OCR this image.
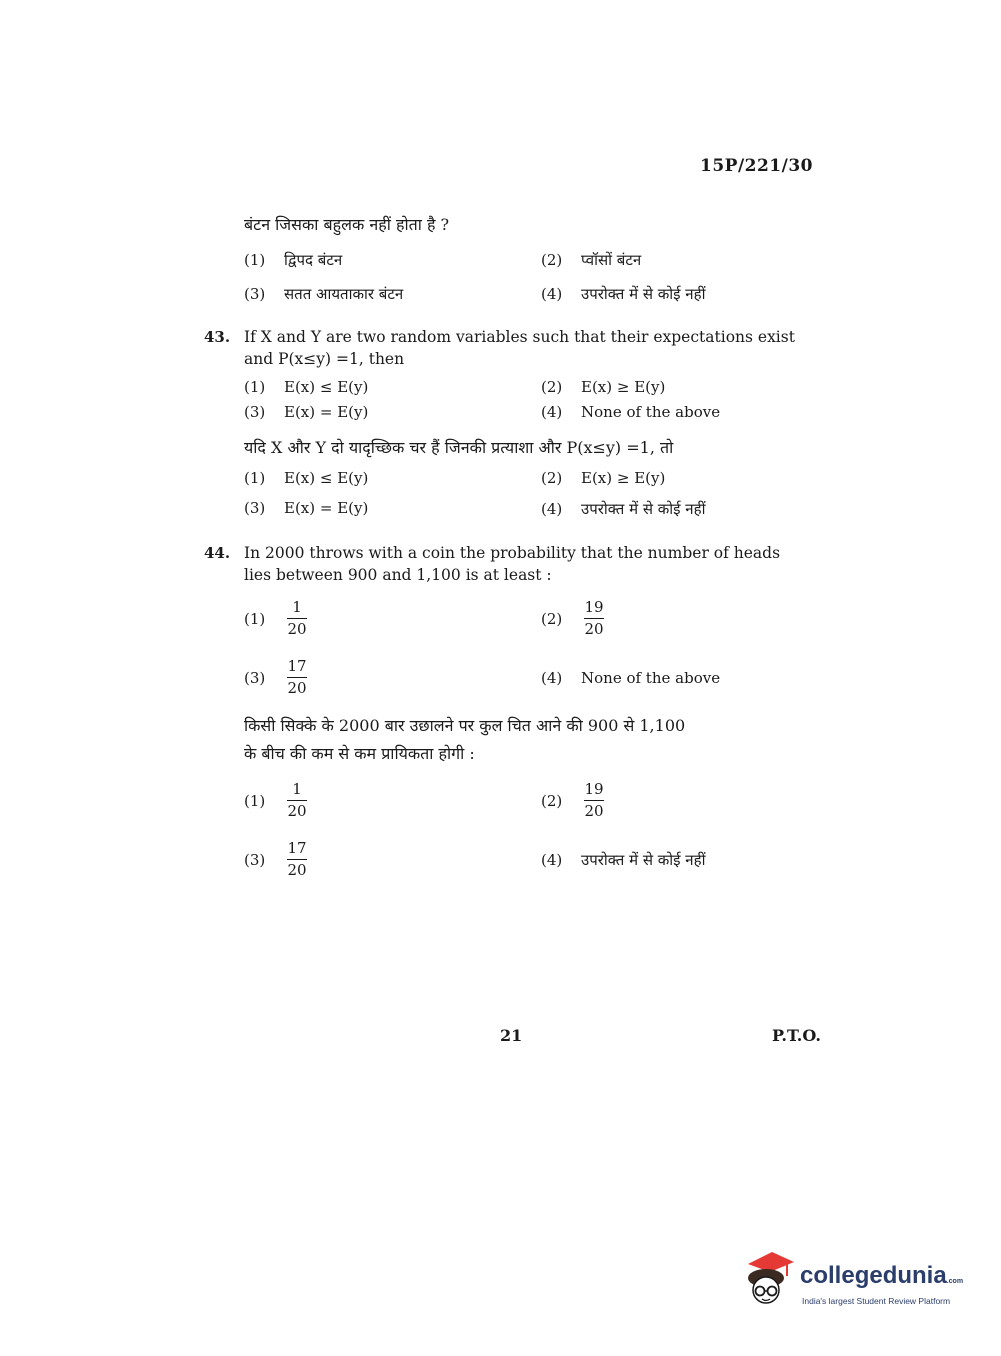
15P/221/30
बंटन जिसका बहुलक नहीं होता है ?
(1) द्विपद बंटन	(2) प्वॉसों बंटन
(3) सतत आयताकार बंटन	(4) उपरोक्त में से कोई नहीं
43. If X and Y are two random variables such that their expectations exist
and P(x≤y) =1, then
(1) E(x) ≤ E(y)	(2) E(x) ≥ E(y)
(3) E(x) = E(y)	(4) None of the above
यदि X और Y दो यादृच्छिक चर हैं जिनकी प्रत्याशा और P(x≤y) =1, तो
(1) E(x) ≤ E(y)	(2) E(x) ≥ E(y)
(3) E(x) = E(y)	(4) उपरोक्त में से कोई नहीं
44. In 2000 throws with a coin the probability that the number of heads
lies between 900 and 1,100 is at least :
(1)
1
20
(2)
19
20
(3)
17
20
(4) None of the above
किसी सिक्के के 2000 बार उछालने पर कुल चित आने की 900 से 1,100
के बीच की कम से कम प्रायिकता होगी :
(1)
1
20
(2)
19
20
(3)
17
20
(4) उपरोक्त में से कोई नहीं
21	P.T.O.
collegedunia.com
India's largest Student Review Platform
